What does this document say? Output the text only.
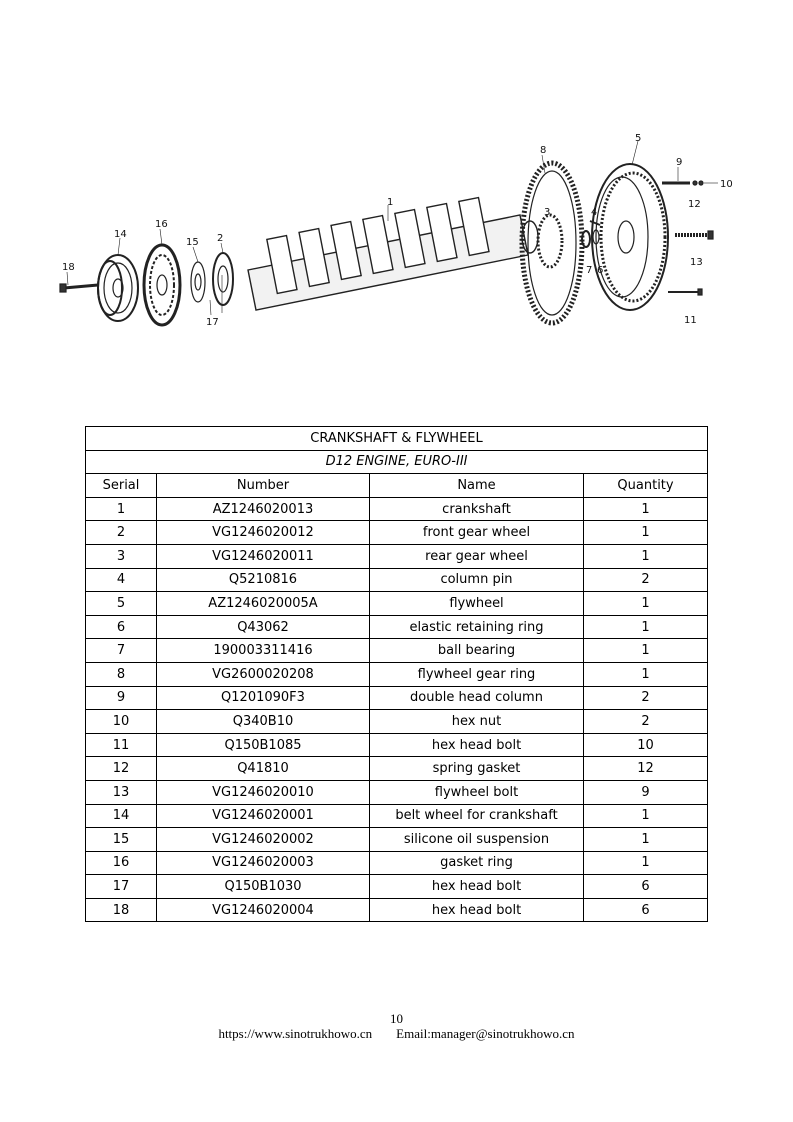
1
2
3	4
5
6
7
8
9
10
11
12
13
14
15
16
17
18
CRANKSHAFT & FLYWHEEL			
D12 ENGINE, EURO-III			
Serial	Number	Name	Quantity
1	AZ1246020013	crankshaft	1
2	VG1246020012	front gear wheel	1
3	VG1246020011	rear gear wheel	1
4	Q5210816	column pin	2
5	AZ1246020005A	flywheel	1
6	Q43062	elastic retaining ring	1
7	190003311416	ball bearing	1
8	VG2600020208	flywheel gear ring	1
9	Q1201090F3	double head column	2
10	Q340B10	hex nut	2
11	Q150B1085	hex head bolt	10
12	Q41810	spring gasket	12
13	VG1246020010	flywheel bolt	9
14	VG1246020001	belt wheel for crankshaft	1
15	VG1246020002	silicone oil suspension	1
16	VG1246020003	gasket ring	1
17	Q150B1030	hex head bolt	6
18	VG1246020004	hex head bolt	6
10
https://www.sinotrukhowo.cn Email:manager@sinotrukhowo.cn
